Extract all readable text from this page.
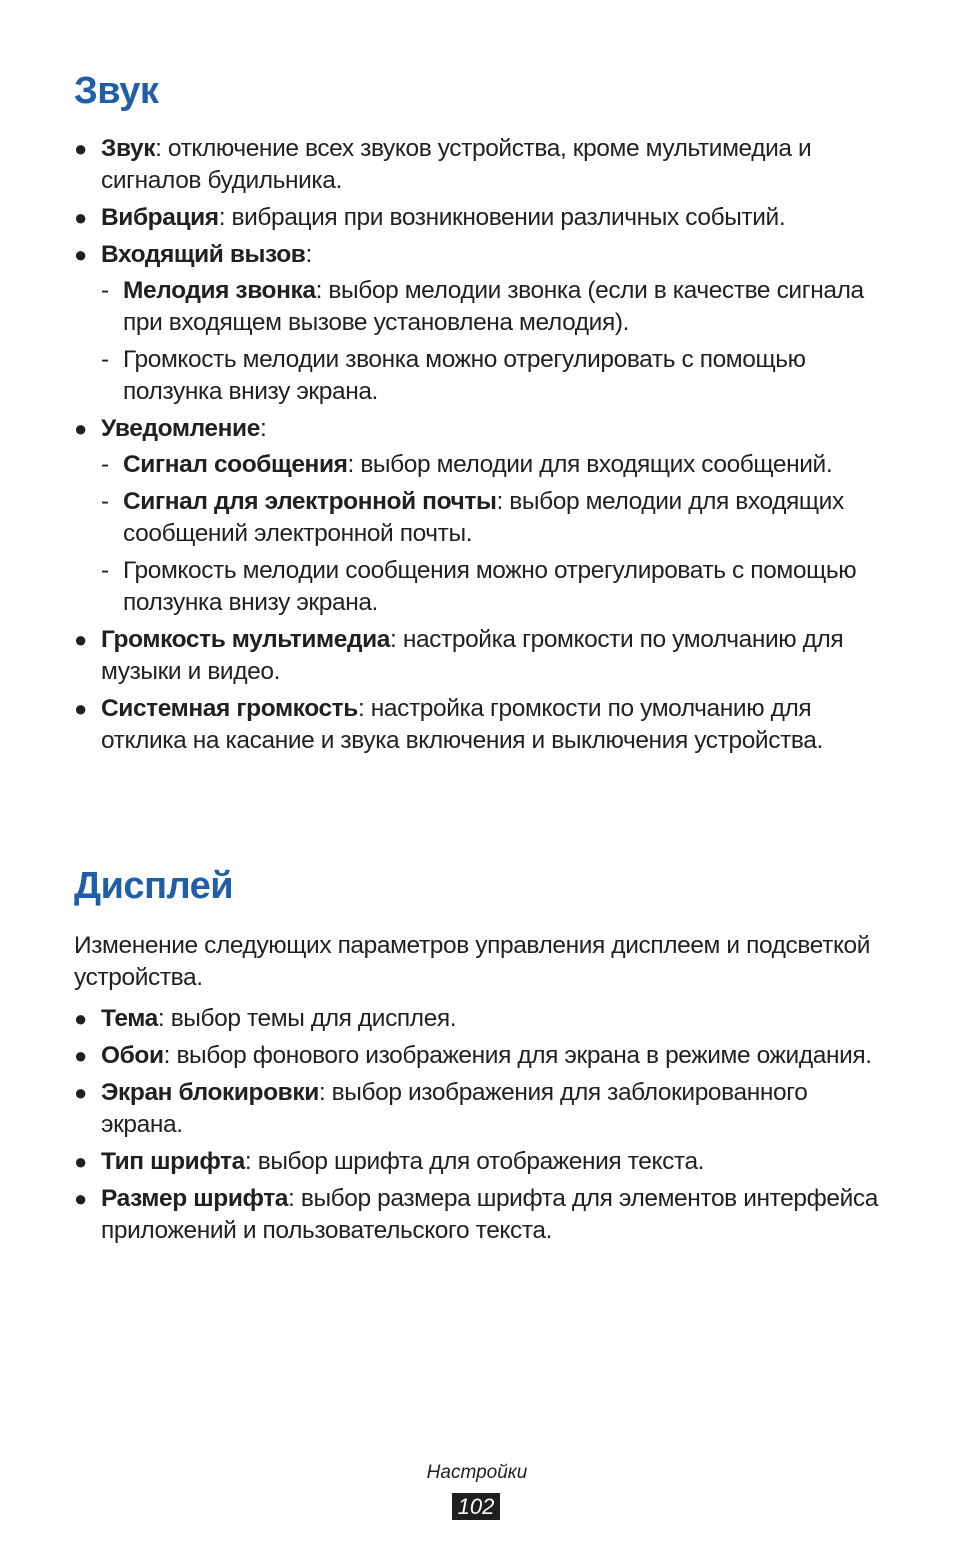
Звук
● Звук: отключение всех звуков устройства, кроме мультимедиа и сигналов будильника.
● Вибрация: вибрация при возникновении различных событий.
● Входящий вызов:
- Мелодия звонка: выбор мелодии звонка (если в качестве сигнала при входящем вызове установлена мелодия).
- Громкость мелодии звонка можно отрегулировать с помощью ползунка внизу экрана.
● Уведомление:
- Сигнал сообщения: выбор мелодии для входящих сообщений.
- Сигнал для электронной почты: выбор мелодии для входящих сообщений электронной почты.
- Громкость мелодии сообщения можно отрегулировать с помощью ползунка внизу экрана.
● Громкость мультимедиа: настройка громкости по умолчанию для музыки и видео.
● Системная громкость: настройка громкости по умолчанию для отклика на касание и звука включения и выключения устройства.
Дисплей
Изменение следующих параметров управления дисплеем и подсветкой устройства.
● Тема: выбор темы для дисплея.
● Обои: выбор фонового изображения для экрана в режиме ожидания.
● Экран блокировки: выбор изображения для заблокированного экрана.
● Тип шрифта: выбор шрифта для отображения текста.
● Размер шрифта: выбор размера шрифта для элементов интерфейса приложений и пользовательского текста.
Настройки
102
